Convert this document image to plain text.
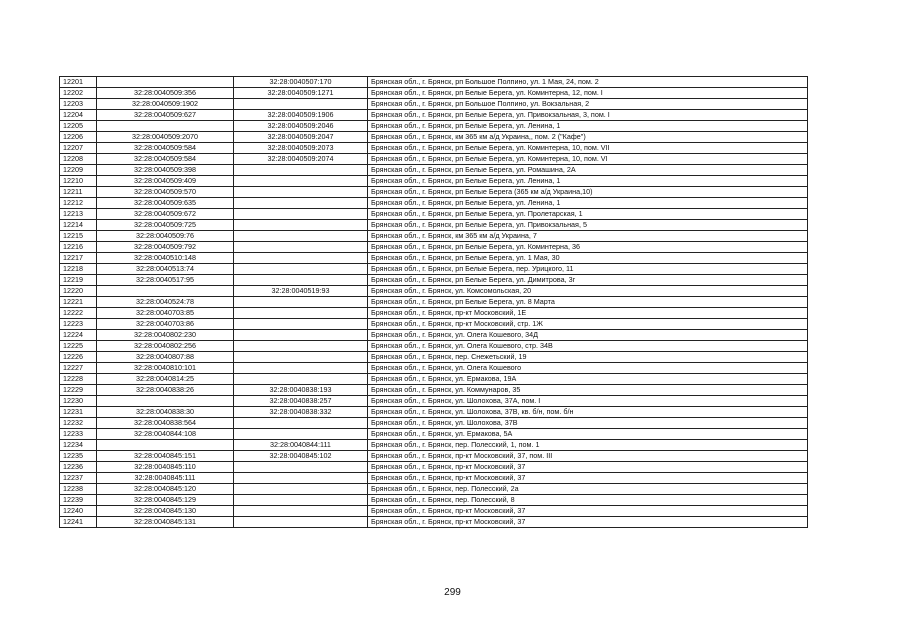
12201		32:28:0040507:170	Брянская обл., г. Брянск, рп Большое Полпино, ул. 1 Мая, 24, пом. 2
12202	32:28:0040509:356	32:28:0040509:1271	Брянская обл., г. Брянск, рп Белые Берега, ул. Коминтерна, 12, пом. I
12203	32:28:0040509:1902		Брянская обл., г. Брянск, рп Большое Полпино, ул. Вокзальная, 2
12204	32:28:0040509:627	32:28:0040509:1906	Брянская обл., г. Брянск, рп Белые Берега, ул. Привокзальная, 3, пом. I
12205		32:28:0040509:2046	Брянская обл., г. Брянск, рп Белые Берега, ул. Ленина, 1
12206	32:28:0040509:2070	32:28:0040509:2047	Брянская обл., г. Брянск, км 365 км а/д Украина,, пом. 2 ("Кафе")
12207	32:28:0040509:584	32:28:0040509:2073	Брянская обл., г. Брянск, рп Белые Берега, ул. Коминтерна, 10, пом. VII
12208	32:28:0040509:584	32:28:0040509:2074	Брянская обл., г. Брянск, рп Белые Берега, ул. Коминтерна, 10, пом. VI
12209	32:28:0040509:398		Брянская обл., г. Брянск, рп Белые Берега, ул. Ромашина, 2А
12210	32:28:0040509:409		Брянская обл., г. Брянск, рп Белые Берега, ул. Ленина, 1
12211	32:28:0040509:570		Брянская обл., г. Брянск, рп Белые Берега (365 км а/д Украина,10)
12212	32:28:0040509:635		Брянская обл., г. Брянск, рп Белые Берега, ул. Ленина, 1
12213	32:28:0040509:672		Брянская обл., г. Брянск, рп Белые Берега, ул. Пролетарская, 1
12214	32:28:0040509:725		Брянская обл., г. Брянск, рп Белые Берега, ул. Привокзальная, 5
12215	32:28:0040509:76		Брянская обл., г. Брянск, км 365 км а/д Украина, 7
12216	32:28:0040509:792		Брянская обл., г. Брянск, рп Белые Берега, ул. Коминтерна, 36
12217	32:28:0040510:148		Брянская обл., г. Брянск, рп Белые Берега, ул. 1 Мая, 30
12218	32:28:0040513:74		Брянская обл., г. Брянск, рп Белые Берега, пер. Урицкого, 11
12219	32:28:0040517:95		Брянская обл., г. Брянск, рп Белые Берега, ул. Димитрова, 3г
12220		32:28:0040519:93	Брянская обл., г. Брянск, ул. Комсомольская, 20
12221	32:28:0040524:78		Брянская обл., г. Брянск, рп Белые Берега, ул. 8 Марта
12222	32:28:0040703:85		Брянская обл., г. Брянск, пр-кт Московский, 1Е
12223	32:28:0040703:86		Брянская обл., г. Брянск, пр-кт Московский, стр. 1Ж
12224	32:28:0040802:230		Брянская обл., г. Брянск, ул. Олега Кошевого, 34Д
12225	32:28:0040802:256		Брянская обл., г. Брянск, ул. Олега Кошевого, стр. 34В
12226	32:28:0040807:88		Брянская обл., г. Брянск, пер. Снежетьский, 19
12227	32:28:0040810:101		Брянская обл., г. Брянск, ул. Олега Кошевого
12228	32:28:0040814:25		Брянская обл., г. Брянск, ул. Ермакова, 19А
12229	32:28:0040838:26	32:28:0040838:193	Брянская обл., г. Брянск, ул. Коммунаров, 35
12230		32:28:0040838:257	Брянская обл., г. Брянск, ул. Шолохова, 37А, пом. I
12231	32:28:0040838:30	32:28:0040838:332	Брянская обл., г. Брянск, ул. Шолохова, 37В, кв. б/н, пом. б/н
12232	32:28:0040838:564		Брянская обл., г. Брянск, ул. Шолохова, 37В
12233	32:28:0040844:108		Брянская обл., г. Брянск, ул. Ермакова, 5А
12234		32:28:0040844:111	Брянская обл., г. Брянск, пер. Полесский, 1, пом. 1
12235	32:28:0040845:151	32:28:0040845:102	Брянская обл., г. Брянск, пр-кт Московский, 37, пом. III
12236	32:28:0040845:110		Брянская обл., г. Брянск, пр-кт Московский, 37
12237	32:28:0040845:111		Брянская обл., г. Брянск, пр-кт Московский, 37
12238	32:28:0040845:120		Брянская обл., г. Брянск, пер. Полесский, 2а
12239	32:28:0040845:129		Брянская обл., г. Брянск, пер. Полесский, 8
12240	32:28:0040845:130		Брянская обл., г. Брянск, пр-кт Московский, 37
12241	32:28:0040845:131		Брянская обл., г. Брянск, пр-кт Московский, 37
299
